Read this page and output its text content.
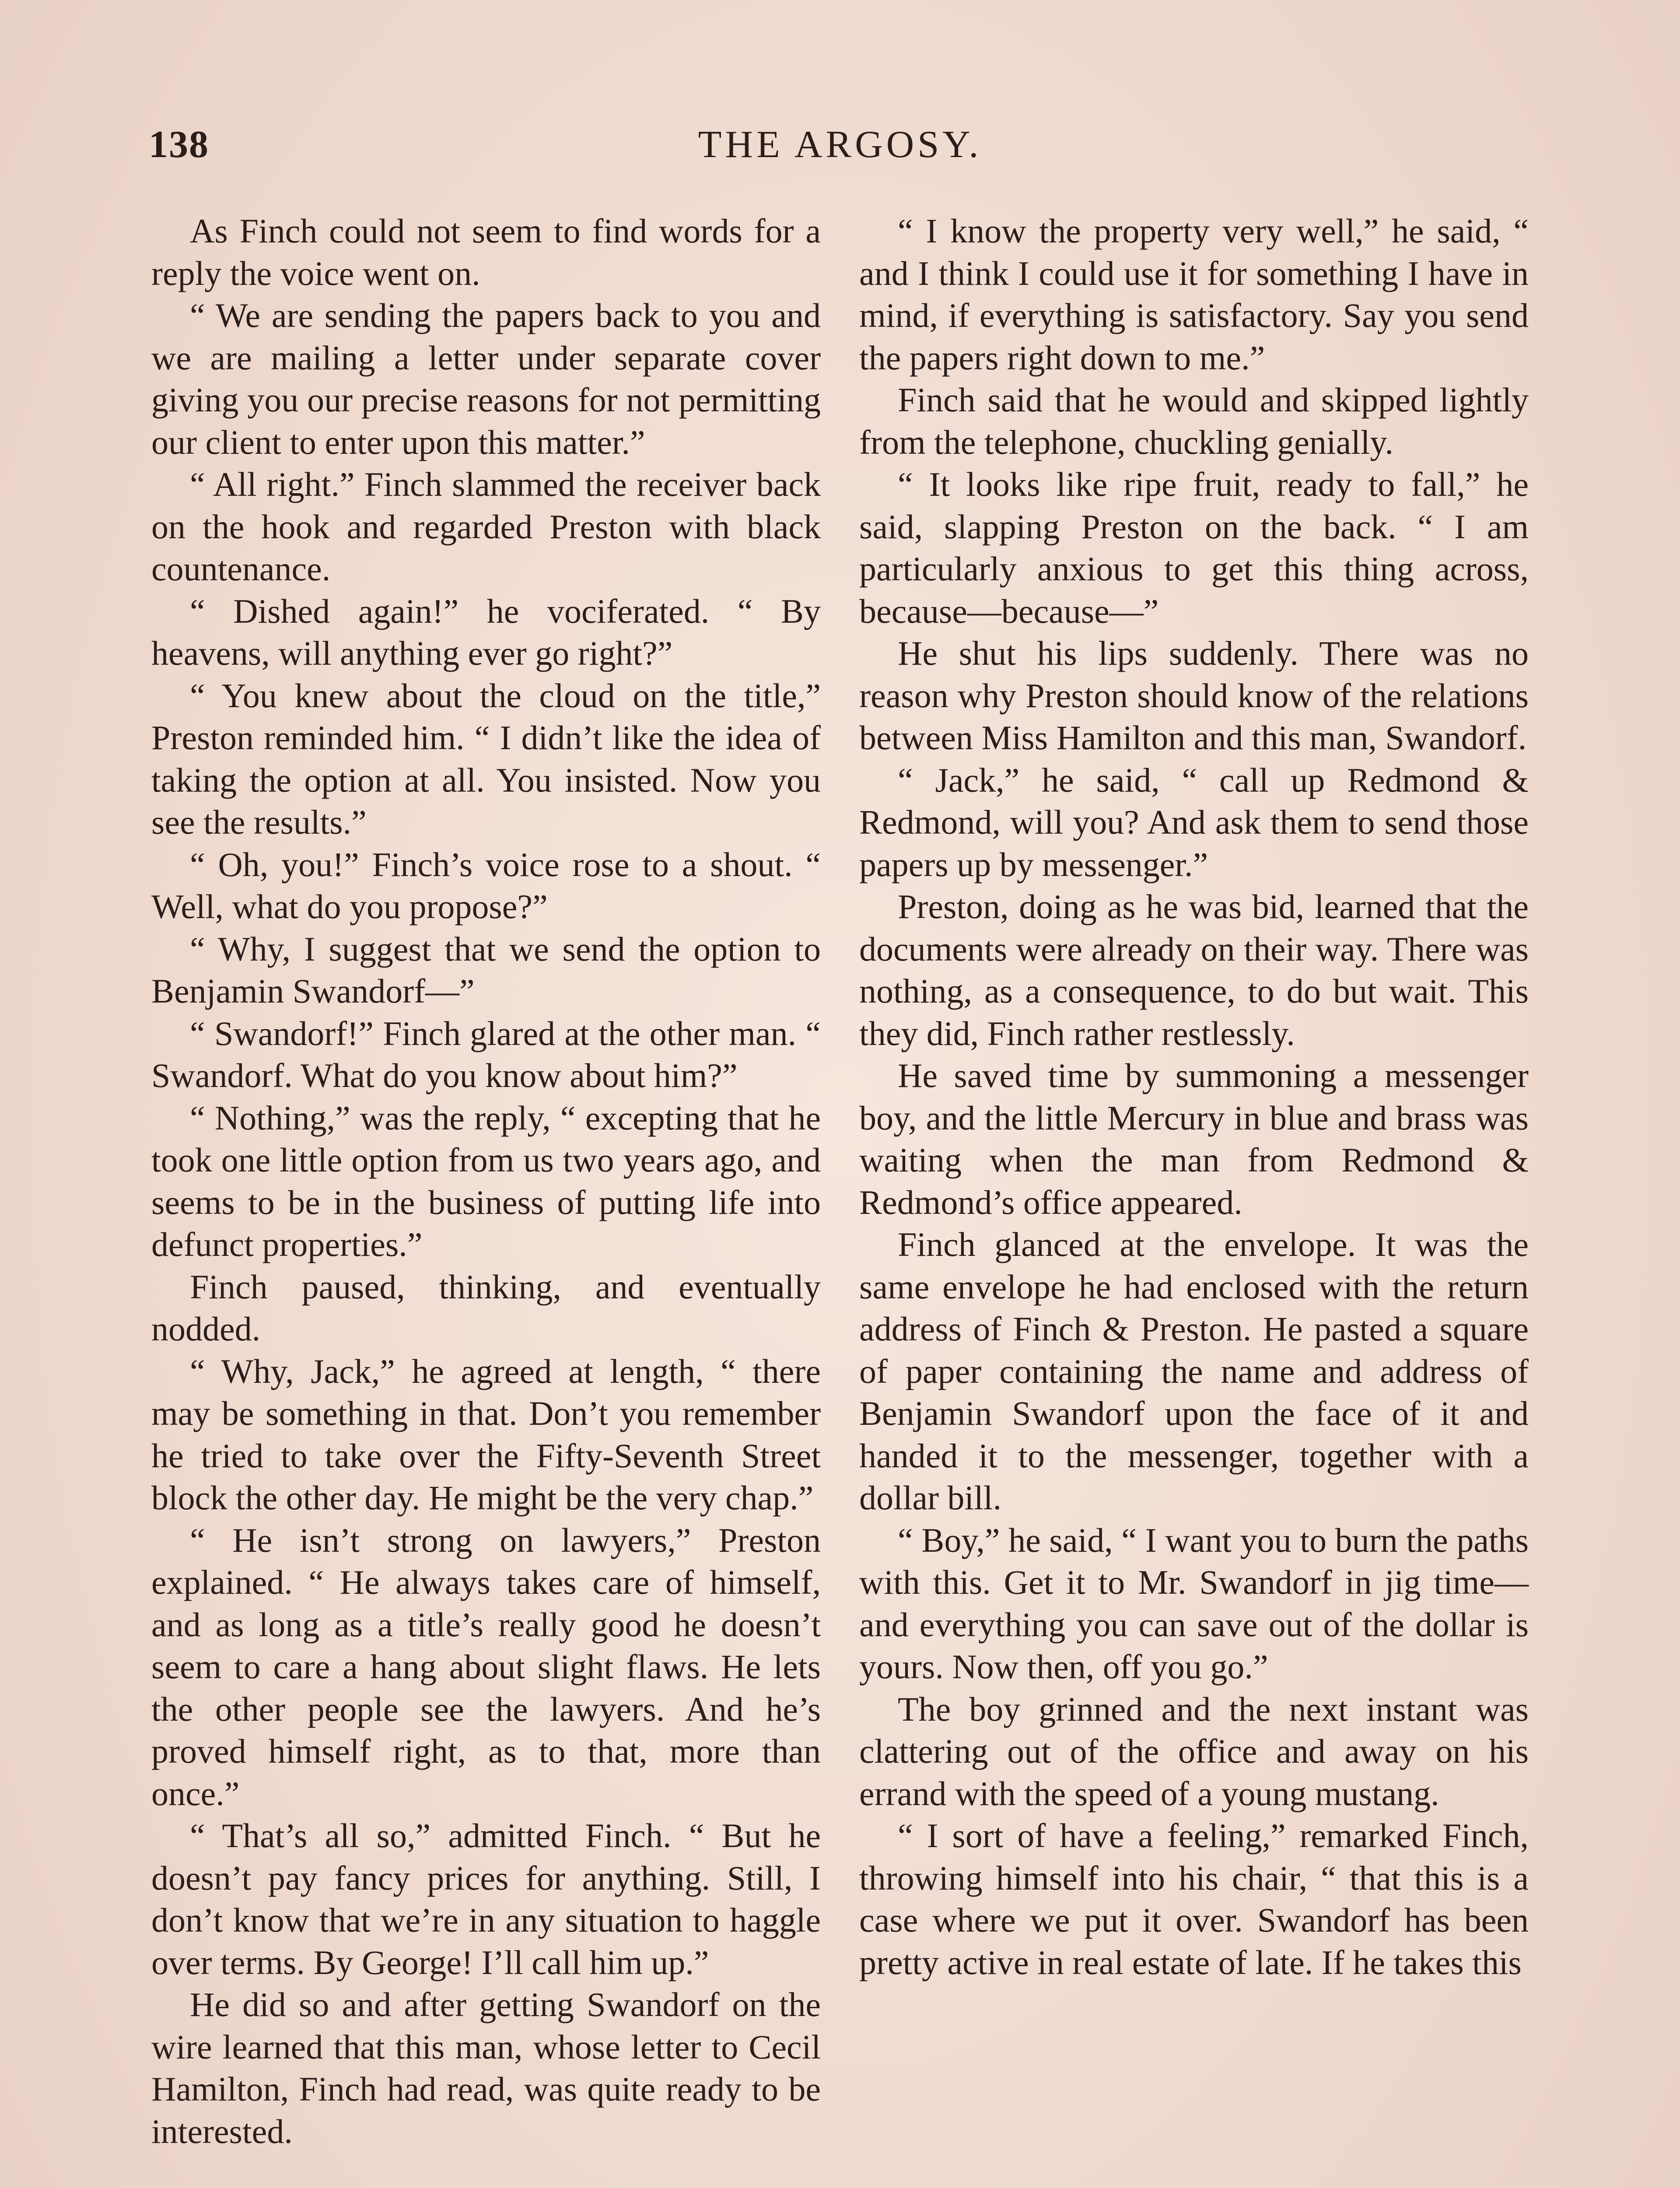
138	THE ARGOSY.

As Finch could not seem to find words for a reply the voice went on.

“ We are sending the papers back to you and we are mailing a letter under separate cover giving you our precise reasons for not permitting our client to enter upon this matter.”

“ All right.” Finch slammed the receiver back on the hook and regarded Preston with black countenance.

“ Dished again!” he vociferated. “ By heavens, will anything ever go right?”

“ You knew about the cloud on the title,” Preston reminded him. “ I didn’t like the idea of taking the option at all. You insisted. Now you see the results.”

“ Oh, you!” Finch’s voice rose to a shout. “ Well, what do you propose?”

“ Why, I suggest that we send the option to Benjamin Swandorf—”

“ Swandorf!” Finch glared at the other man. “ Swandorf. What do you know about him?”

“ Nothing,” was the reply, “ excepting that he took one little option from us two years ago, and seems to be in the business of putting life into defunct properties.”

Finch paused, thinking, and eventually nodded.

“ Why, Jack,” he agreed at length, “ there may be something in that. Don’t you remember he tried to take over the Fifty-Seventh Street block the other day. He might be the very chap.”

“ He isn’t strong on lawyers,” Preston explained. “ He always takes care of himself, and as long as a title’s really good he doesn’t seem to care a hang about slight flaws. He lets the other people see the lawyers. And he’s proved himself right, as to that, more than once.”

“ That’s all so,” admitted Finch. “ But he doesn’t pay fancy prices for anything. Still, I don’t know that we’re in any situation to haggle over terms. By George! I’ll call him up.”

He did so and after getting Swandorf on the wire learned that this man, whose letter to Cecil Hamilton, Finch had read, was quite ready to be interested.

“ I know the property very well,” he said, “ and I think I could use it for something I have in mind, if everything is satisfactory. Say you send the papers right down to me.”

Finch said that he would and skipped lightly from the telephone, chuckling genially.

“ It looks like ripe fruit, ready to fall,” he said, slapping Preston on the back. “ I am particularly anxious to get this thing across, because—because—”

He shut his lips suddenly. There was no reason why Preston should know of the relations between Miss Hamilton and this man, Swandorf.

“ Jack,” he said, “ call up Redmond & Redmond, will you? And ask them to send those papers up by messenger.”

Preston, doing as he was bid, learned that the documents were already on their way. There was nothing, as a consequence, to do but wait. This they did, Finch rather restlessly.

He saved time by summoning a messenger boy, and the little Mercury in blue and brass was waiting when the man from Redmond & Redmond’s office appeared.

Finch glanced at the envelope. It was the same envelope he had enclosed with the return address of Finch & Preston. He pasted a square of paper containing the name and address of Benjamin Swandorf upon the face of it and handed it to the messenger, together with a dollar bill.

“ Boy,” he said, “ I want you to burn the paths with this. Get it to Mr. Swandorf in jig time—and everything you can save out of the dollar is yours. Now then, off you go.”

The boy grinned and the next instant was clattering out of the office and away on his errand with the speed of a young mustang.

“ I sort of have a feeling,” remarked Finch, throwing himself into his chair, “ that this is a case where we put it over. Swandorf has been pretty active in real estate of late. If he takes this
